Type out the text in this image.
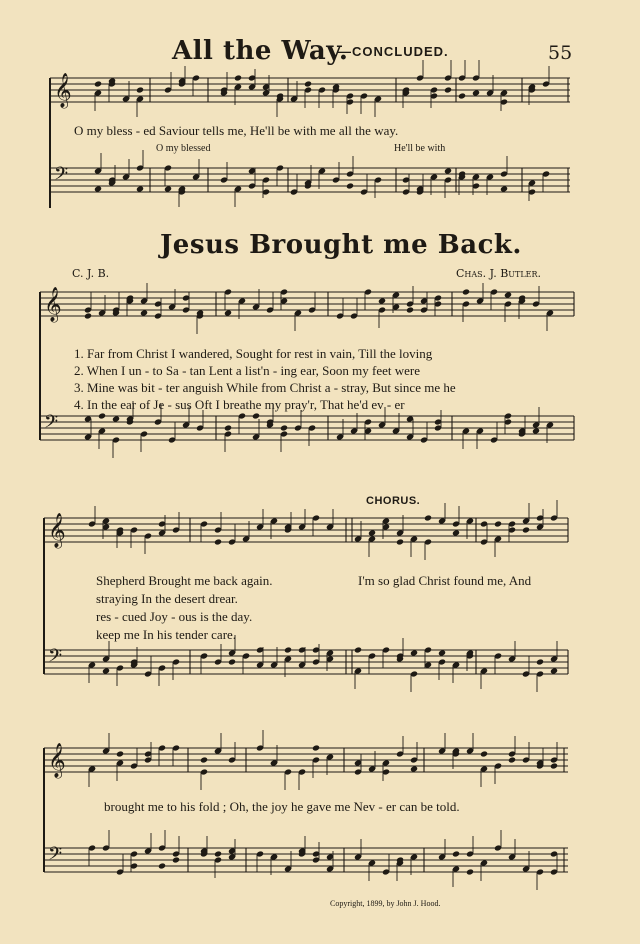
All the Way.
—CONCLUDED.	55
O my bless - ed Saviour tells me, He'll be with me all the way.
O my blessed	He'll be with
Jesus Brought me Back.
C. J. B.	Chas. J. Butler.
1. Far from Christ I wandered, Sought for rest in vain, Till the loving
2. When I un - to Sa - tan Lent a list'n - ing ear, Soon my feet were
3. Mine was bit - ter anguish While from Christ a - stray, But since me he
4. In the ear of Je - sus Oft I breathe my pray'r, That he'd ev - er
CHORUS.
Shepherd Brought me back again.
straying In the desert drear.
res - cued Joy - ous is the day.
keep me In his tender care.
I'm so glad Christ found me, And
brought me to his fold ; Oh, the joy he gave me Nev - er can be told.
Copyright, 1899, by John J. Hood.
𝄞
𝄢
𝄞
𝄢
𝄞
𝄢
𝄞
𝄢
